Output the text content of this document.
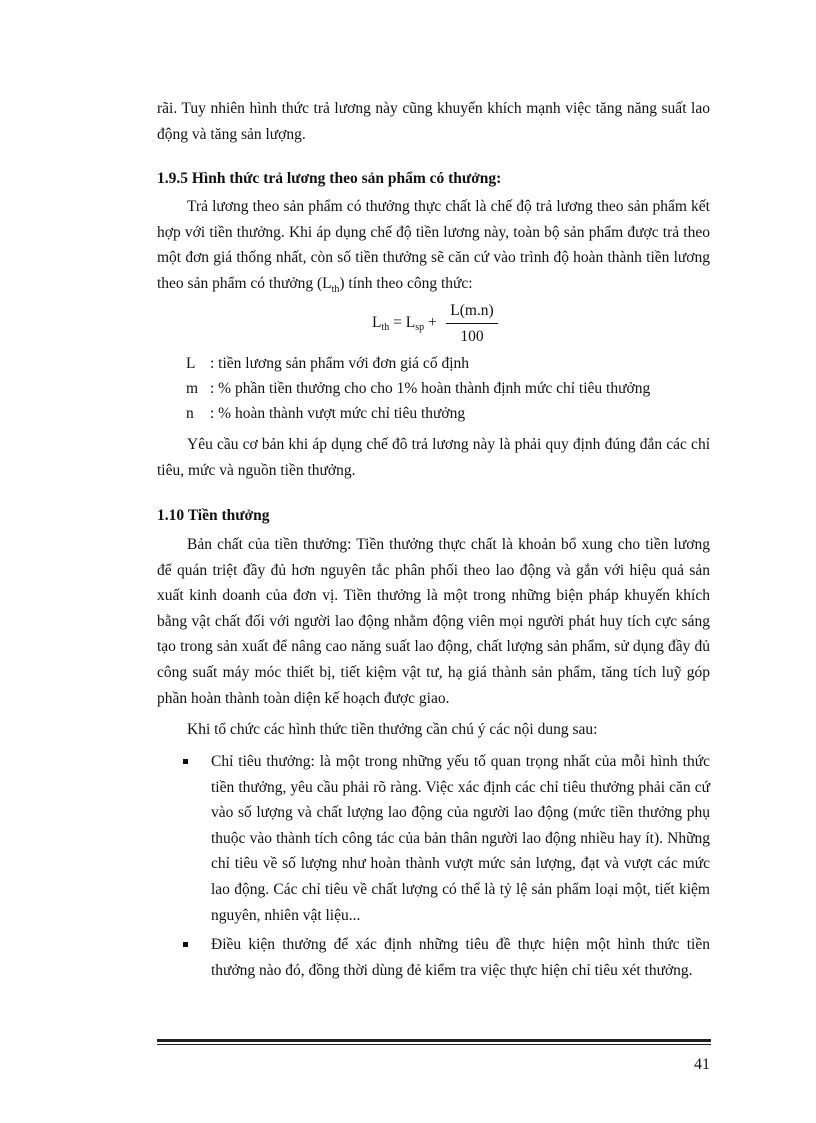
rãi. Tuy nhiên hình thức trả lương này cũng khuyến khích mạnh việc tăng năng suất lao động và tăng sản lượng.

1.9.5 Hình thức trả lương theo sản phẩm có thưởng:

Trả lương theo sản phẩm có thưởng thực chất là chế độ trả lương theo sản phẩm kết hợp với tiền thưởng. Khi áp dụng chế độ tiền lương này, toàn bộ sản phẩm được trả theo một đơn giá thống nhất, còn số tiền thưởng sẽ căn cứ vào trình độ hoàn thành tiền lương theo sản phẩm có thưởng $(L_{th})$ tính theo công thức:

$L_{th} = L_{sp}$ +
L(m.n)
100
L : tiền lương sản phẩm với đơn giá cố định
m : % phần tiền thưởng cho cho 1% hoàn thành định mức chỉ tiêu thưởng
n : % hoàn thành vượt mức chỉ tiêu thưởng

Yêu cầu cơ bản khi áp dụng chế đô trả lương này là phải quy định đúng đắn các chỉ tiêu, mức và nguồn tiền thưởng.

1.10 Tiền thưởng

Bản chất của tiền thưởng: Tiền thưởng thực chất là khoản bổ xung cho tiền lương để quán triệt đầy đủ hơn nguyên tắc phân phối theo lao động và gắn với hiệu quả sản xuất kinh doanh của đơn vị. Tiền thưởng là một trong những biện pháp khuyến khích bằng vật chất đối với người lao động nhằm động viên mọi người phát huy tích cực sáng tạo trong sản xuất để nâng cao năng suất lao động, chất lượng sản phẩm, sử dụng đầy đủ công suất máy móc thiết bị, tiết kiệm vật tư, hạ giá thành sản phẩm, tăng tích luỹ góp phần hoàn thành toàn diện kế hoạch được giao.

Khi tổ chức các hình thức tiền thưởng cần chú ý các nội dung sau:

Chỉ tiêu thưởng: là một trong những yếu tố quan trọng nhất của mỗi hình thức tiền thưởng, yêu cầu phải rõ ràng. Việc xác định các chỉ tiêu thưởng phải căn cứ vào số lượng và chất lượng lao động của người lao động (mức tiền thưởng phụ thuộc vào thành tích công tác của bản thân người lao động nhiều hay ít). Những chỉ tiêu về số lượng như hoàn thành vượt mức sản lượng, đạt và vượt các mức lao động. Các chỉ tiêu về chất lượng có thể là tỷ lệ sản phẩm loại một, tiết kiệm nguyên, nhiên vật liệu...

Điều kiện thưởng để xác định những tiêu đề thực hiện một hình thức tiền thưởng nào đó, đồng thời dùng đẻ kiểm tra việc thực hiện chỉ tiêu xét thưởng.

41
